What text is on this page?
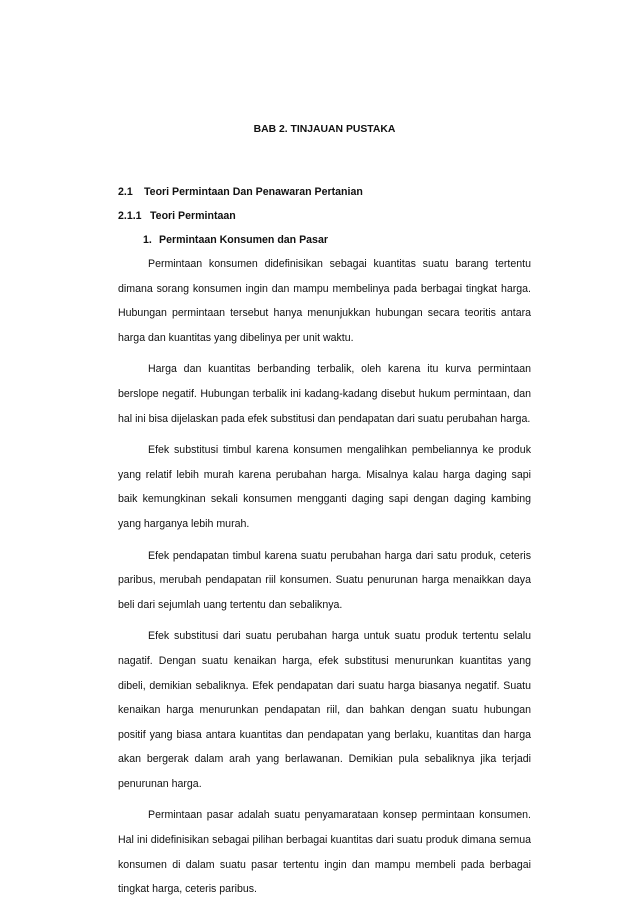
BAB 2. TINJAUAN PUSTAKA
2.1 Teori Permintaan Dan Penawaran Pertanian
2.1.1 Teori Permintaan
1. Permintaan Konsumen dan Pasar

Permintaan konsumen didefinisikan sebagai kuantitas suatu barang tertentu dimana sorang konsumen ingin dan mampu membelinya pada berbagai tingkat harga. Hubungan permintaan tersebut hanya menunjukkan hubungan secara teoritis antara harga dan kuantitas yang dibelinya per unit waktu.

Harga dan kuantitas berbanding terbalik, oleh karena itu kurva permintaan berslope negatif. Hubungan terbalik ini kadang-kadang disebut hukum permintaan, dan hal ini bisa dijelaskan pada efek substitusi dan pendapatan dari suatu perubahan harga.

Efek substitusi timbul karena konsumen mengalihkan pembeliannya ke produk yang relatif lebih murah karena perubahan harga. Misalnya kalau harga daging sapi baik kemungkinan sekali konsumen mengganti daging sapi dengan daging kambing yang harganya lebih murah.

Efek pendapatan timbul karena suatu perubahan harga dari satu produk, ceteris paribus, merubah pendapatan riil konsumen. Suatu penurunan harga menaikkan daya beli dari sejumlah uang tertentu dan sebaliknya.

Efek substitusi dari suatu perubahan harga untuk suatu produk tertentu selalu nagatif. Dengan suatu kenaikan harga, efek substitusi menurunkan kuantitas yang dibeli, demikian sebaliknya. Efek pendapatan dari suatu harga biasanya negatif. Suatu kenaikan harga menurunkan pendapatan riil, dan bahkan dengan suatu hubungan positif yang biasa antara kuantitas dan pendapatan yang berlaku, kuantitas dan harga akan bergerak dalam arah yang berlawanan. Demikian pula sebaliknya jika terjadi penurunan harga.

Permintaan pasar adalah suatu penyamarataan konsep permintaan konsumen. Hal ini didefinisikan sebagai pilihan berbagai kuantitas dari suatu produk dimana semua konsumen di dalam suatu pasar tertentu ingin dan mampu membeli pada berbagai tingkat harga, ceteris paribus.
